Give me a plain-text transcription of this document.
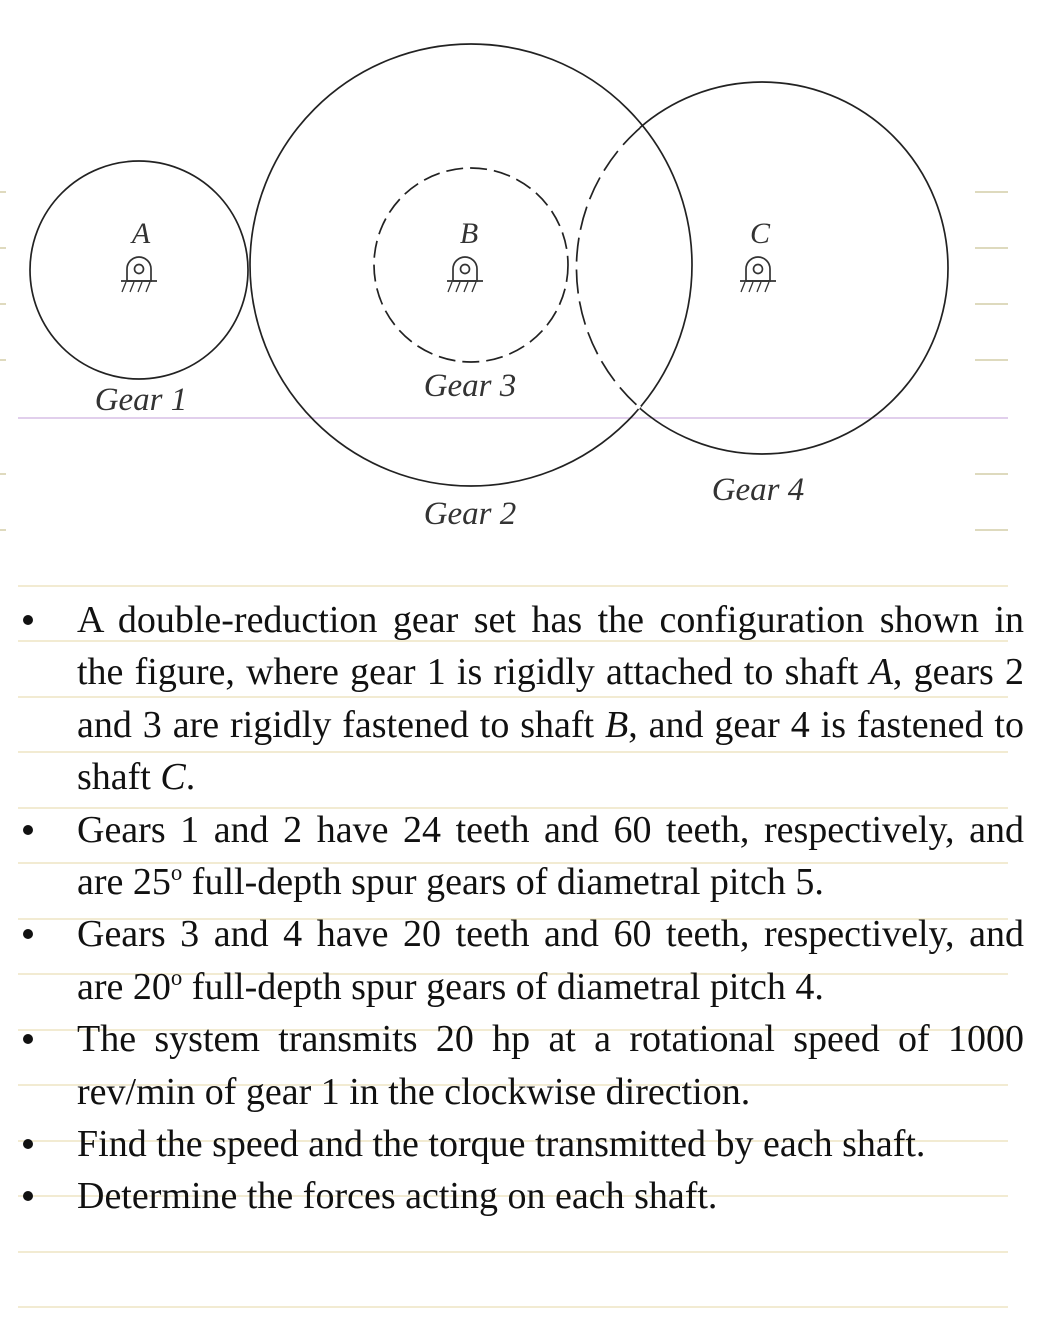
A	B	C
Gear 1
Gear 2
Gear 3
Gear 4
A double-reduction gear set has the configuration shown in the figure, where gear 1 is rigidly attached to shaft A, gears 2 and 3 are rigidly fastened to shaft B, and gear 4 is fastened to shaft C.
Gears 1 and 2 have 24 teeth and 60 teeth, respectively, and are 25$^o$ full-depth spur gears of diametral pitch 5.
Gears 3 and 4 have 20 teeth and 60 teeth, respectively, and are 20$^o$ full-depth spur gears of diametral pitch 4.
The system transmits 20 hp at a rotational speed of 1000 rev/min of gear 1 in the clockwise direction.
Find the speed and the torque transmitted by each shaft.
Determine the forces acting on each shaft.
